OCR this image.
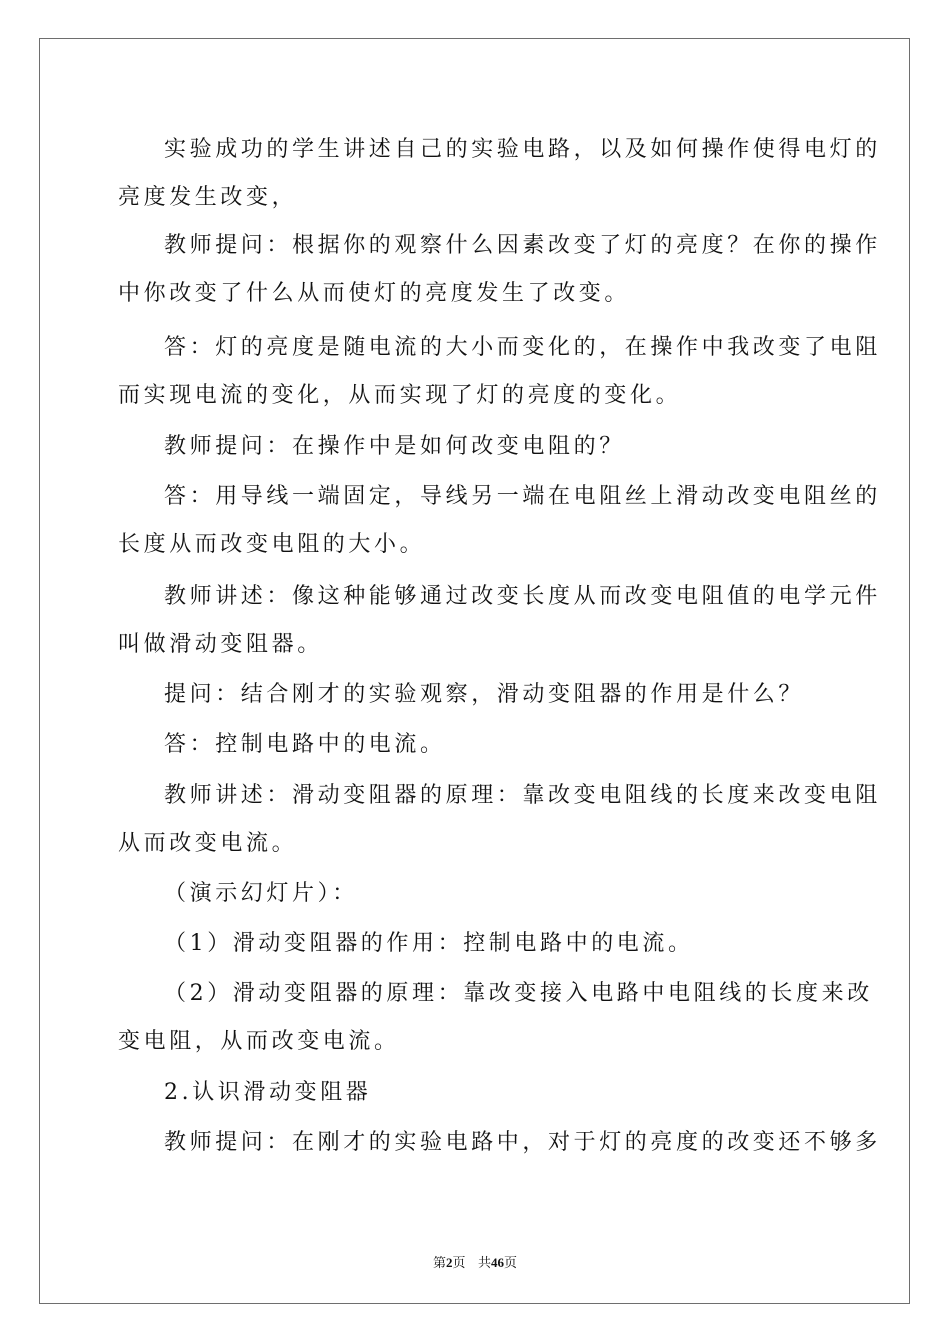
实验成功的学生讲述自己的实验电路，以及如何操作使得电灯的
亮度发生改变，

教师提问：根据你的观察什么因素改变了灯的亮度？在你的操作
中你改变了什么从而使灯的亮度发生了改变。

答：灯的亮度是随电流的大小而变化的，在操作中我改变了电阻
而实现电流的变化，从而实现了灯的亮度的变化。

教师提问：在操作中是如何改变电阻的？

答：用导线一端固定，导线另一端在电阻丝上滑动改变电阻丝的
长度从而改变电阻的大小。

教师讲述：像这种能够通过改变长度从而改变电阻值的电学元件
叫做滑动变阻器。

提问：结合刚才的实验观察，滑动变阻器的作用是什么？

答：控制电路中的电流。

教师讲述：滑动变阻器的原理：靠改变电阻线的长度来改变电阻
从而改变电流。

（演示幻灯片）：

（1）滑动变阻器的作用：控制电路中的电流。

（2）滑动变阻器的原理：靠改变接入电路中电阻线的长度来改
变电阻，从而改变电流。

2.认识滑动变阻器

教师提问：在刚才的实验电路中，对于灯的亮度的改变还不够多

第2页 共46页
